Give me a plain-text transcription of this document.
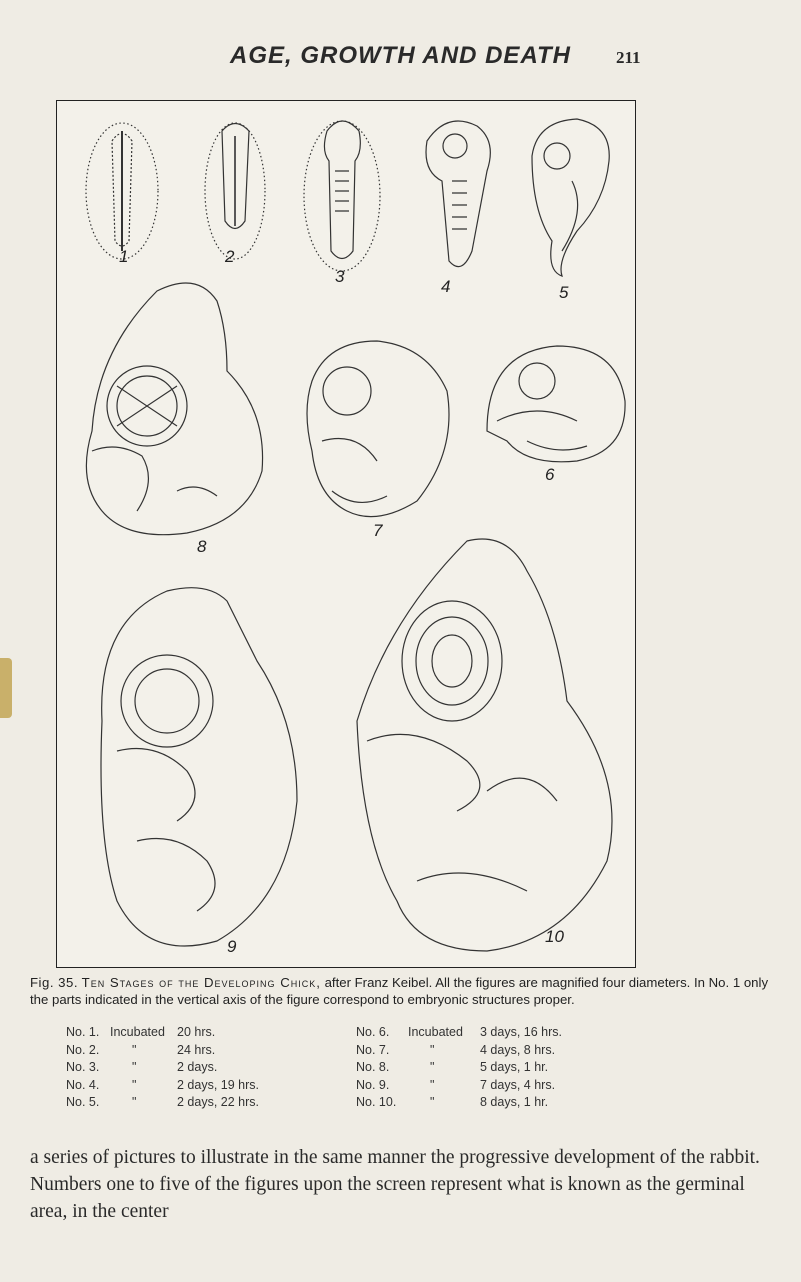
AGE, GROWTH AND DEATH	211
1	2
3
4	5
6
7
8
9
10
Fig. 35. Ten Stages of the Developing Chick, after Franz Keibel. All the figures are magnified four diameters. In No. 1 only the parts indicated in the vertical axis of the figure correspond to embryonic structures proper.
No. 1. Incubated 20 hrs.
No. 2.	"	24 hrs.
No. 3.	"	2 days.
No. 4.	"	2 days, 19 hrs.
No. 5.	"	2 days, 22 hrs.
No. 6.	Incubated	3 days, 16 hrs.
No. 7.	"	4 days, 8 hrs.
No. 8.	"	5 days, 1 hr.
No. 9.	"	7 days, 4 hrs.
No. 10.	"	8 days, 1 hr.

a series of pictures to illustrate in the same manner the progressive development of the rabbit. Numbers one to five of the figures upon the screen represent what is known as the germinal area, in the center
